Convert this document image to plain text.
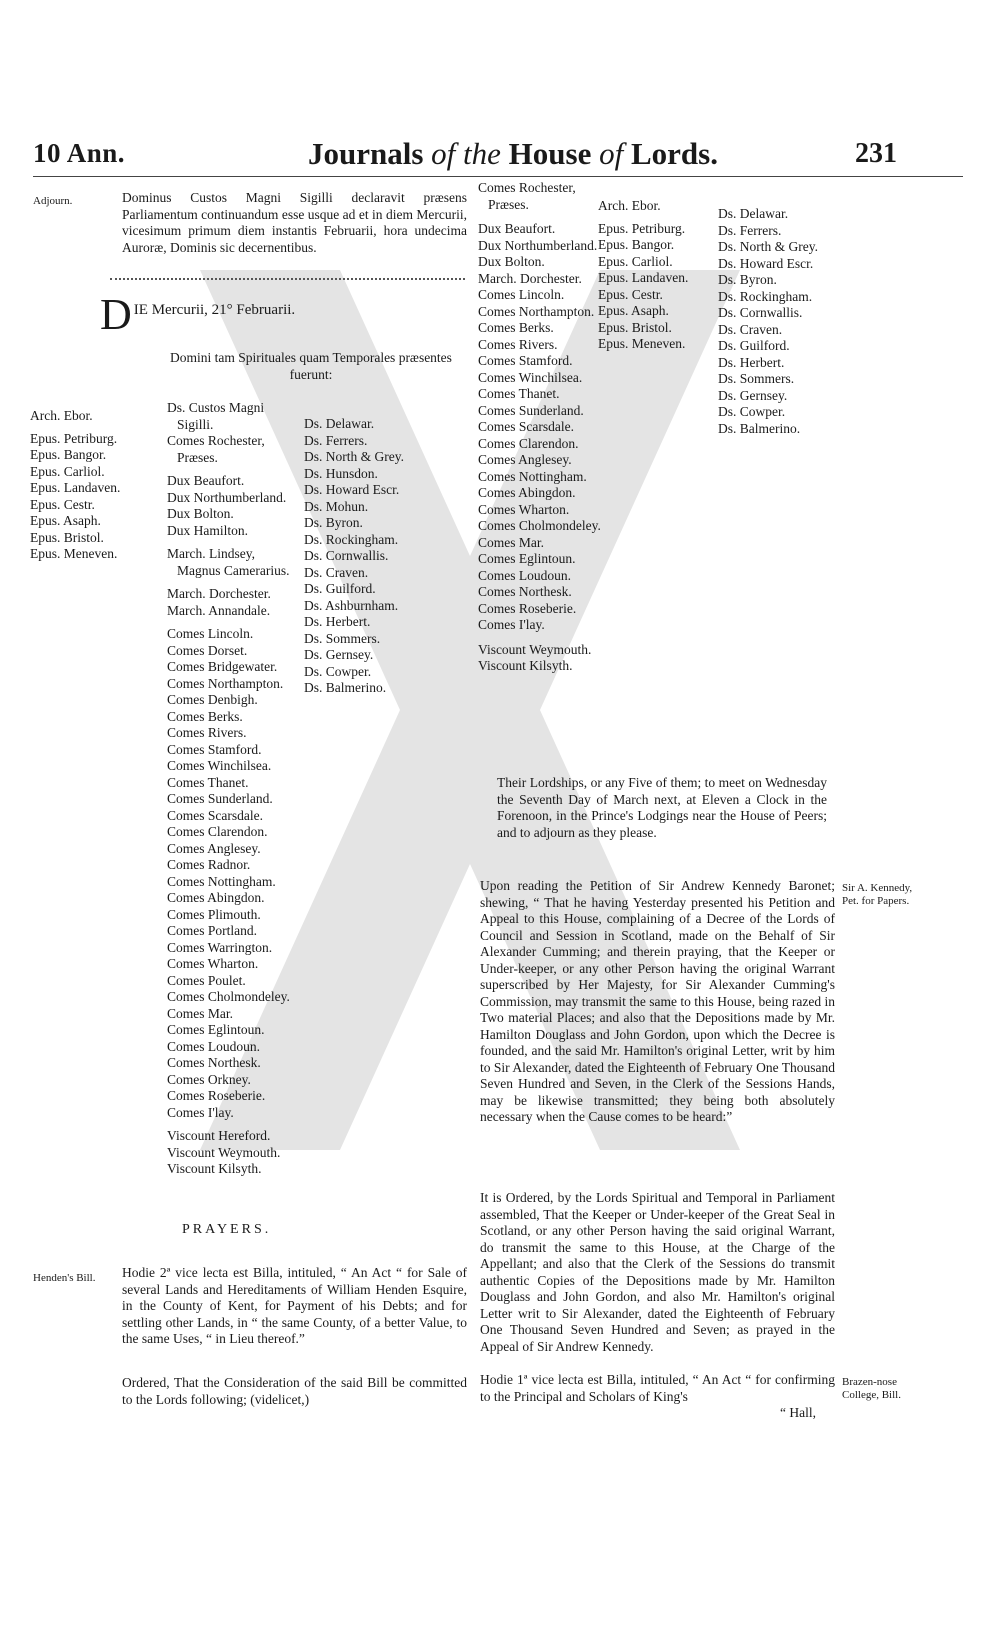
10 Ann.	Journals of the House of Lords.	231
Adjourn.
Henden's Bill.
Sir A. Kennedy, Pet. for Papers.
Brazen-nose College, Bill.
Dominus Custos Magni Sigilli declaravit præsens Parliamentum continuandum esse usque ad et in diem Mercurii, vicesimum primum diem instantis Februarii, hora undecima Auroræ, Dominis sic decernentibus.
D IE Mercurii, 21° Februarii.
Domini tam Spirituales quam Temporales præsentes fuerunt:
Arch. Ebor.
Epus. Petriburg.
Epus. Bangor.
Epus. Carliol.
Epus. Landaven.
Epus. Cestr.
Epus. Asaph.
Epus. Bristol.
Epus. Meneven.
Ds. Custos Magni
Sigilli.
Comes Rochester,
Præses.
Dux Beaufort.
Dux Northumberland.
Dux Bolton.
Dux Hamilton.
March. Lindsey,
Magnus Camerarius.
March. Dorchester.
March. Annandale.
Comes Lincoln.
Comes Dorset.
Comes Bridgewater.
Comes Northampton.
Comes Denbigh.
Comes Berks.
Comes Rivers.
Comes Stamford.
Comes Winchilsea.
Comes Thanet.
Comes Sunderland.
Comes Scarsdale.
Comes Clarendon.
Comes Anglesey.
Comes Radnor.
Comes Nottingham.
Comes Abingdon.
Comes Plimouth.
Comes Portland.
Comes Warrington.
Comes Wharton.
Comes Poulet.
Comes Cholmondeley.
Comes Mar.
Comes Eglintoun.
Comes Loudoun.
Comes Northesk.
Comes Orkney.
Comes Roseberie.
Comes I'lay.
Viscount Hereford.
Viscount Weymouth.
Viscount Kilsyth.
Ds. Delawar.
Ds. Ferrers.
Ds. North & Grey.
Ds. Hunsdon.
Ds. Howard Escr.
Ds. Mohun.
Ds. Byron.
Ds. Rockingham.
Ds. Cornwallis.
Ds. Craven.
Ds. Guilford.
Ds. Ashburnham.
Ds. Herbert.
Ds. Sommers.
Ds. Gernsey.
Ds. Cowper.
Ds. Balmerino.
PRAYERS.
Hodie 2ª vice lecta est Billa, intituled, “ An Act “ for Sale of several Lands and Hereditaments of William Henden Esquire, in the County of Kent, for Payment of his Debts; and for settling other Lands, in “ the same County, of a better Value, to the same Uses, “ in Lieu thereof.”
Ordered, That the Consideration of the said Bill be committed to the Lords following; (videlicet,)
Comes Rochester,
Præses.
Dux Beaufort.
Dux Northumberland.
Dux Bolton.
March. Dorchester.
Comes Lincoln.
Comes Northampton.
Comes Berks.
Comes Rivers.
Comes Stamford.
Comes Winchilsea.
Comes Thanet.
Comes Sunderland.
Comes Scarsdale.
Comes Clarendon.
Comes Anglesey.
Comes Nottingham.
Comes Abingdon.
Comes Wharton.
Comes Cholmondeley.
Comes Mar.
Comes Eglintoun.
Comes Loudoun.
Comes Northesk.
Comes Roseberie.
Comes I'lay.
Viscount Weymouth.
Viscount Kilsyth.
Arch. Ebor.
Epus. Petriburg.
Epus. Bangor.
Epus. Carliol.
Epus. Landaven.
Epus. Cestr.
Epus. Asaph.
Epus. Bristol.
Epus. Meneven.
Ds. Delawar.
Ds. Ferrers.
Ds. North & Grey.
Ds. Howard Escr.
Ds. Byron.
Ds. Rockingham.
Ds. Cornwallis.
Ds. Craven.
Ds. Guilford.
Ds. Herbert.
Ds. Sommers.
Ds. Gernsey.
Ds. Cowper.
Ds. Balmerino.
Their Lordships, or any Five of them; to meet on Wednesday the Seventh Day of March next, at Eleven a Clock in the Forenoon, in the Prince's Lodgings near the House of Peers; and to adjourn as they please.
Upon reading the Petition of Sir Andrew Kennedy Baronet; shewing, “ That he having Yesterday presented his Petition and Appeal to this House, complaining of a Decree of the Lords of Council and Session in Scotland, made on the Behalf of Sir Alexander Cumming; and therein praying, that the Keeper or Under-keeper, or any other Person having the original Warrant superscribed by Her Majesty, for Sir Alexander Cumming's Commission, may transmit the same to this House, being razed in Two material Places; and also that the Depositions made by Mr. Hamilton Douglass and John Gordon, upon which the Decree is founded, and the said Mr. Hamilton's original Letter, writ by him to Sir Alexander, dated the Eighteenth of February One Thousand Seven Hundred and Seven, in the Clerk of the Sessions Hands, may be likewise transmitted; they being both absolutely necessary when the Cause comes to be heard:”
It is Ordered, by the Lords Spiritual and Temporal in Parliament assembled, That the Keeper or Under-keeper of the Great Seal in Scotland, or any other Person having the said original Warrant, do transmit the same to this House, at the Charge of the Appellant; and also that the Clerk of the Sessions do transmit authentic Copies of the Depositions made by Mr. Hamilton Douglass and John Gordon, and also Mr. Hamilton's original Letter writ to Sir Alexander, dated the Eighteenth of February One Thousand Seven Hundred and Seven; as prayed in the Appeal of Sir Andrew Kennedy.
Hodie 1ª vice lecta est Billa, intituled, “ An Act “ for confirming to the Principal and Scholars of King's
“ Hall,
